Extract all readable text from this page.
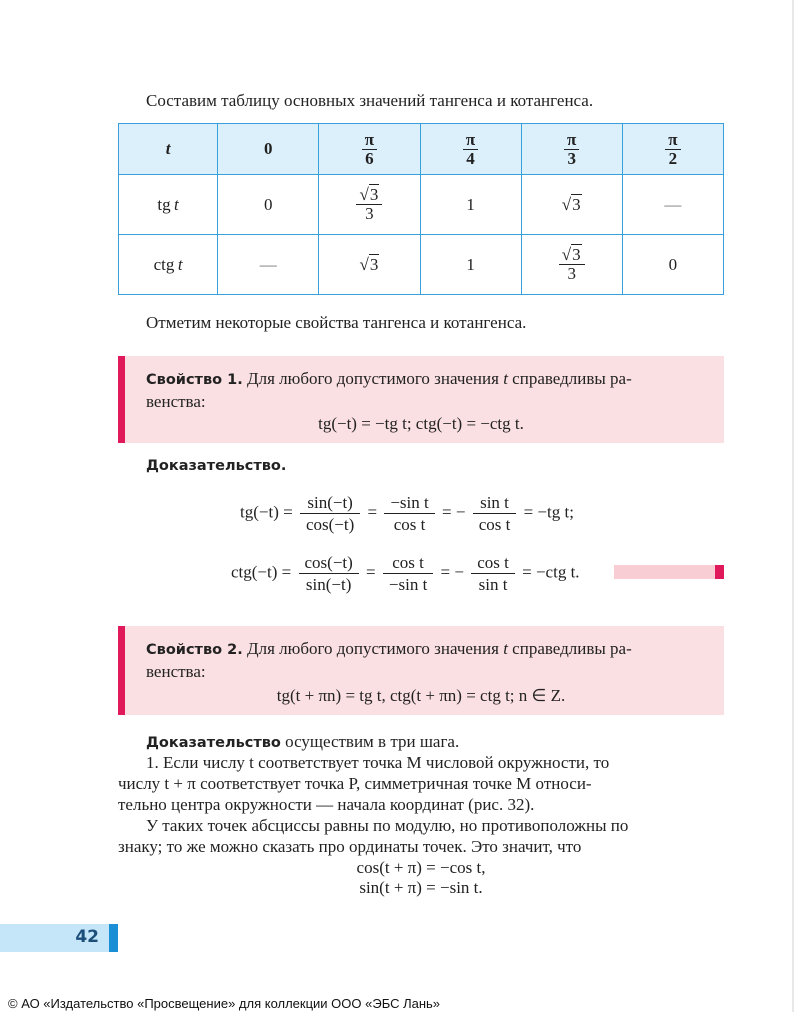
Составим таблицу основных значений тангенса и котангенса.
t	0	$\frac{\pi}{6}$	$\frac{\pi}{4}$	$\frac{\pi}{3}$	$\frac{\pi}{2}$

tg  t	0	$\frac{√3}{3}$	1	√3	—
ctg  t	—	√3	1	$\frac{√3}{3}$	0
Отметим некоторые свойства тангенса и котангенса.
Свойство 1. Для любого допустимого значения t справедливы ра-
венства:
tg(−t) = −tg t; ctg(−t) = −ctg t.
Доказательство.
$tg(-t) = \frac{\sin(-t)}{\cos(-t)} = \frac{\text{−sin t}}{\text{cos t}}$ = − $\frac{\text{sin t}}{\text{cos t}} = -tg$ t;
$ctg(-t) = \frac{\cos(-t)}{\sin(-t)} = \frac{\text{cos t}}{\text{−sin t}}$ = − $\frac{\text{cos t}}{\text{sin t}} = -ctg$ t.
Свойство 2. Для любого допустимого значения t справедливы ра-
венства:
tg(t + πn) = tg t, ctg(t + πn) = ctg t; n ∈ Z.
Доказательство осуществим в три шага.
1. Если числу t соответствует точка M числовой окружности, то
числу t + π соответствует точка P, симметричная точке M относи-
тельно центра окружности — начала координат (рис. 32).
У таких точек абсциссы равны по модулю, но противоположны по
знаку; то же можно сказать про ординаты точек. Это значит, что
cos(t + π) = −cos t,
sin(t + π) = −sin t.
42
© АО «Издательство «Просвещение» для коллекции ООО «ЭБС Лань»
